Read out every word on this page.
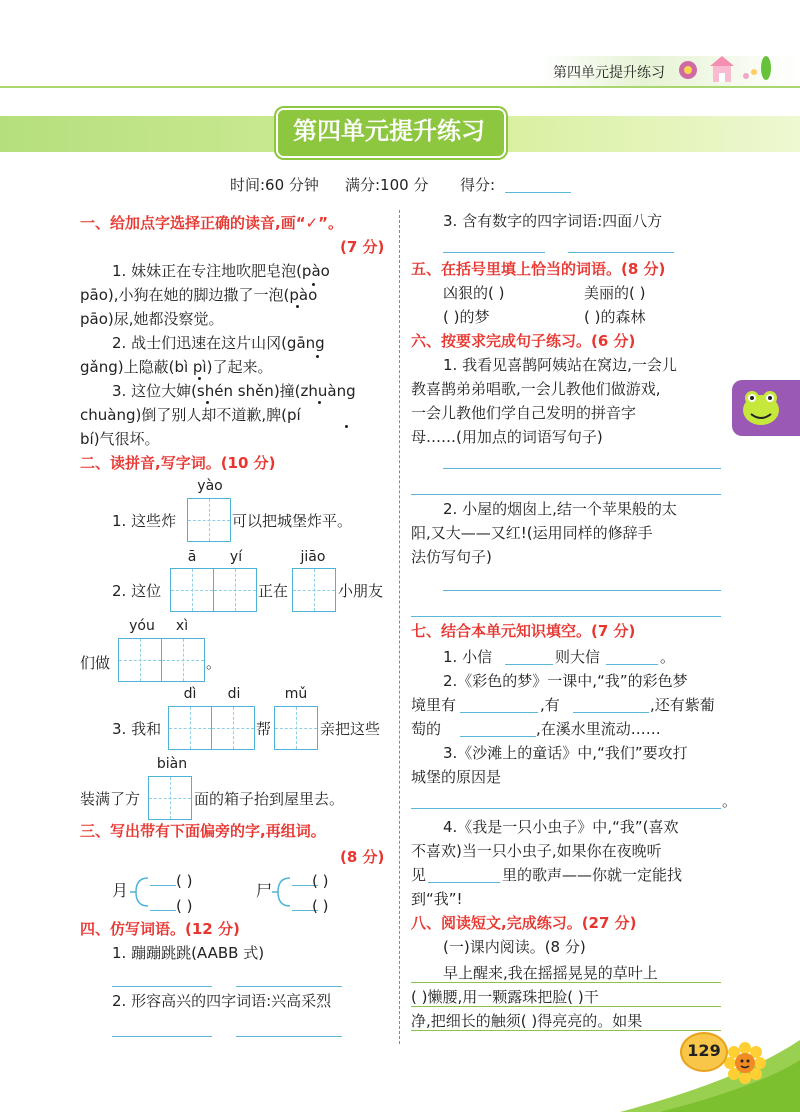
第四单元提升练习
第四单元提升练习
时间:60 分钟 满分:100 分 得分:
一、给加点字选择正确的读音,画“✓”。
(7 分)
1. 妹妹正在专注地吹肥皂泡(pào
pāo),小狗在她的脚边撒了一泡(pào
pāo)尿,她都没察觉。
2. 战士们迅速在这片山冈(gāng
gǎng)上隐蔽(bì pì)了起来。
3. 这位大婶(shén shěn)撞(zhuàng
chuàng)倒了别人却不道歉,脾(pí
bí)气很坏。
二、读拼音,写字词。(10 分)
yào
1. 这些炸	可以把城堡炸平。
ā	yí	jiāo
2. 这位	正在	小朋友
yóu	xì
们做	。
dì	di	mǔ
3. 我和	帮	亲把这些
biàn
装满了方	面的箱子抬到屋里去。
三、写出带有下面偏旁的字,再组词。
(8 分)
月	( )
( )
尸	( )
( )
四、仿写词语。(12 分)
1. 蹦蹦跳跳(AABB 式)
2. 形容高兴的四字词语:兴高采烈
3. 含有数字的四字词语:四面八方
五、在括号里填上恰当的词语。(8 分)
凶狠的( )	美丽的( )
( )的梦	( )的森林
六、按要求完成句子练习。(6 分)
1. 我看见喜鹊阿姨站在窝边,一会儿
教喜鹊弟弟唱歌,一会儿教他们做游戏,
一会儿教他们学自己发明的拼音字
母……(用加点的词语写句子)
2. 小屋的烟囱上,结一个苹果般的太
阳,又大——又红!(运用同样的修辞手
法仿写句子)
七、结合本单元知识填空。(7 分)
1. 小信	则大信	。
2.《彩色的梦》一课中,“我”的彩色梦
境里有	,有	,还有紫葡
萄的	,在溪水里流动……
3.《沙滩上的童话》中,“我们”要攻打
城堡的原因是
。
4.《我是一只小虫子》中,“我”(喜欢
不喜欢)当一只小虫子,如果你在夜晚听
见	里的歌声——你就一定能找
到“我”!
八、阅读短文,完成练习。(27 分)
(一)课内阅读。(8 分)
早上醒来,我在摇摇晃晃的草叶上
( )懒腰,用一颗露珠把脸( )干
净,把细长的触须( )得亮亮的。如果
129
